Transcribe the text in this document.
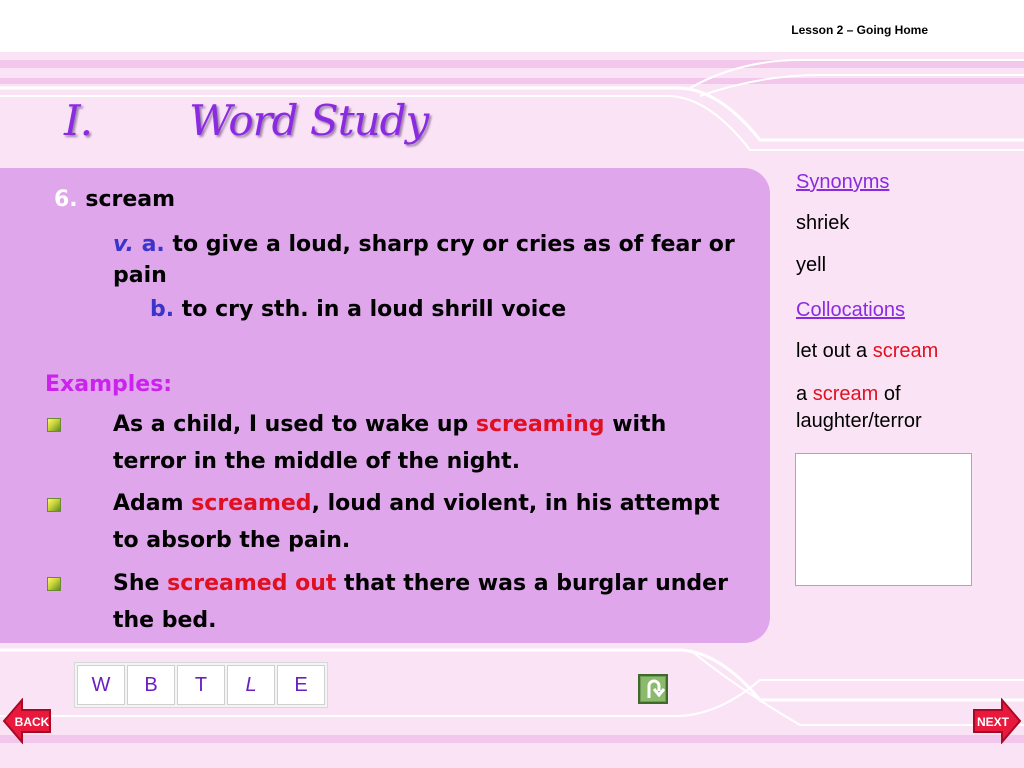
Lesson 2 – Going Home
I. Word Study
6. scream
v. a. to give a loud, sharp cry or cries as of fear or pain
b. to cry sth. in a loud shrill voice
Examples:
As a child, I used to wake up screaming with terror in the middle of the night.
Adam screamed, loud and violent, in his attempt to absorb the pain.
She screamed out that there was a burglar under the bed.
Synonyms
shriek
yell
Collocations
let out a scream
a scream of laughter/terror
W	B	T	L	E
BACK	NEXT
